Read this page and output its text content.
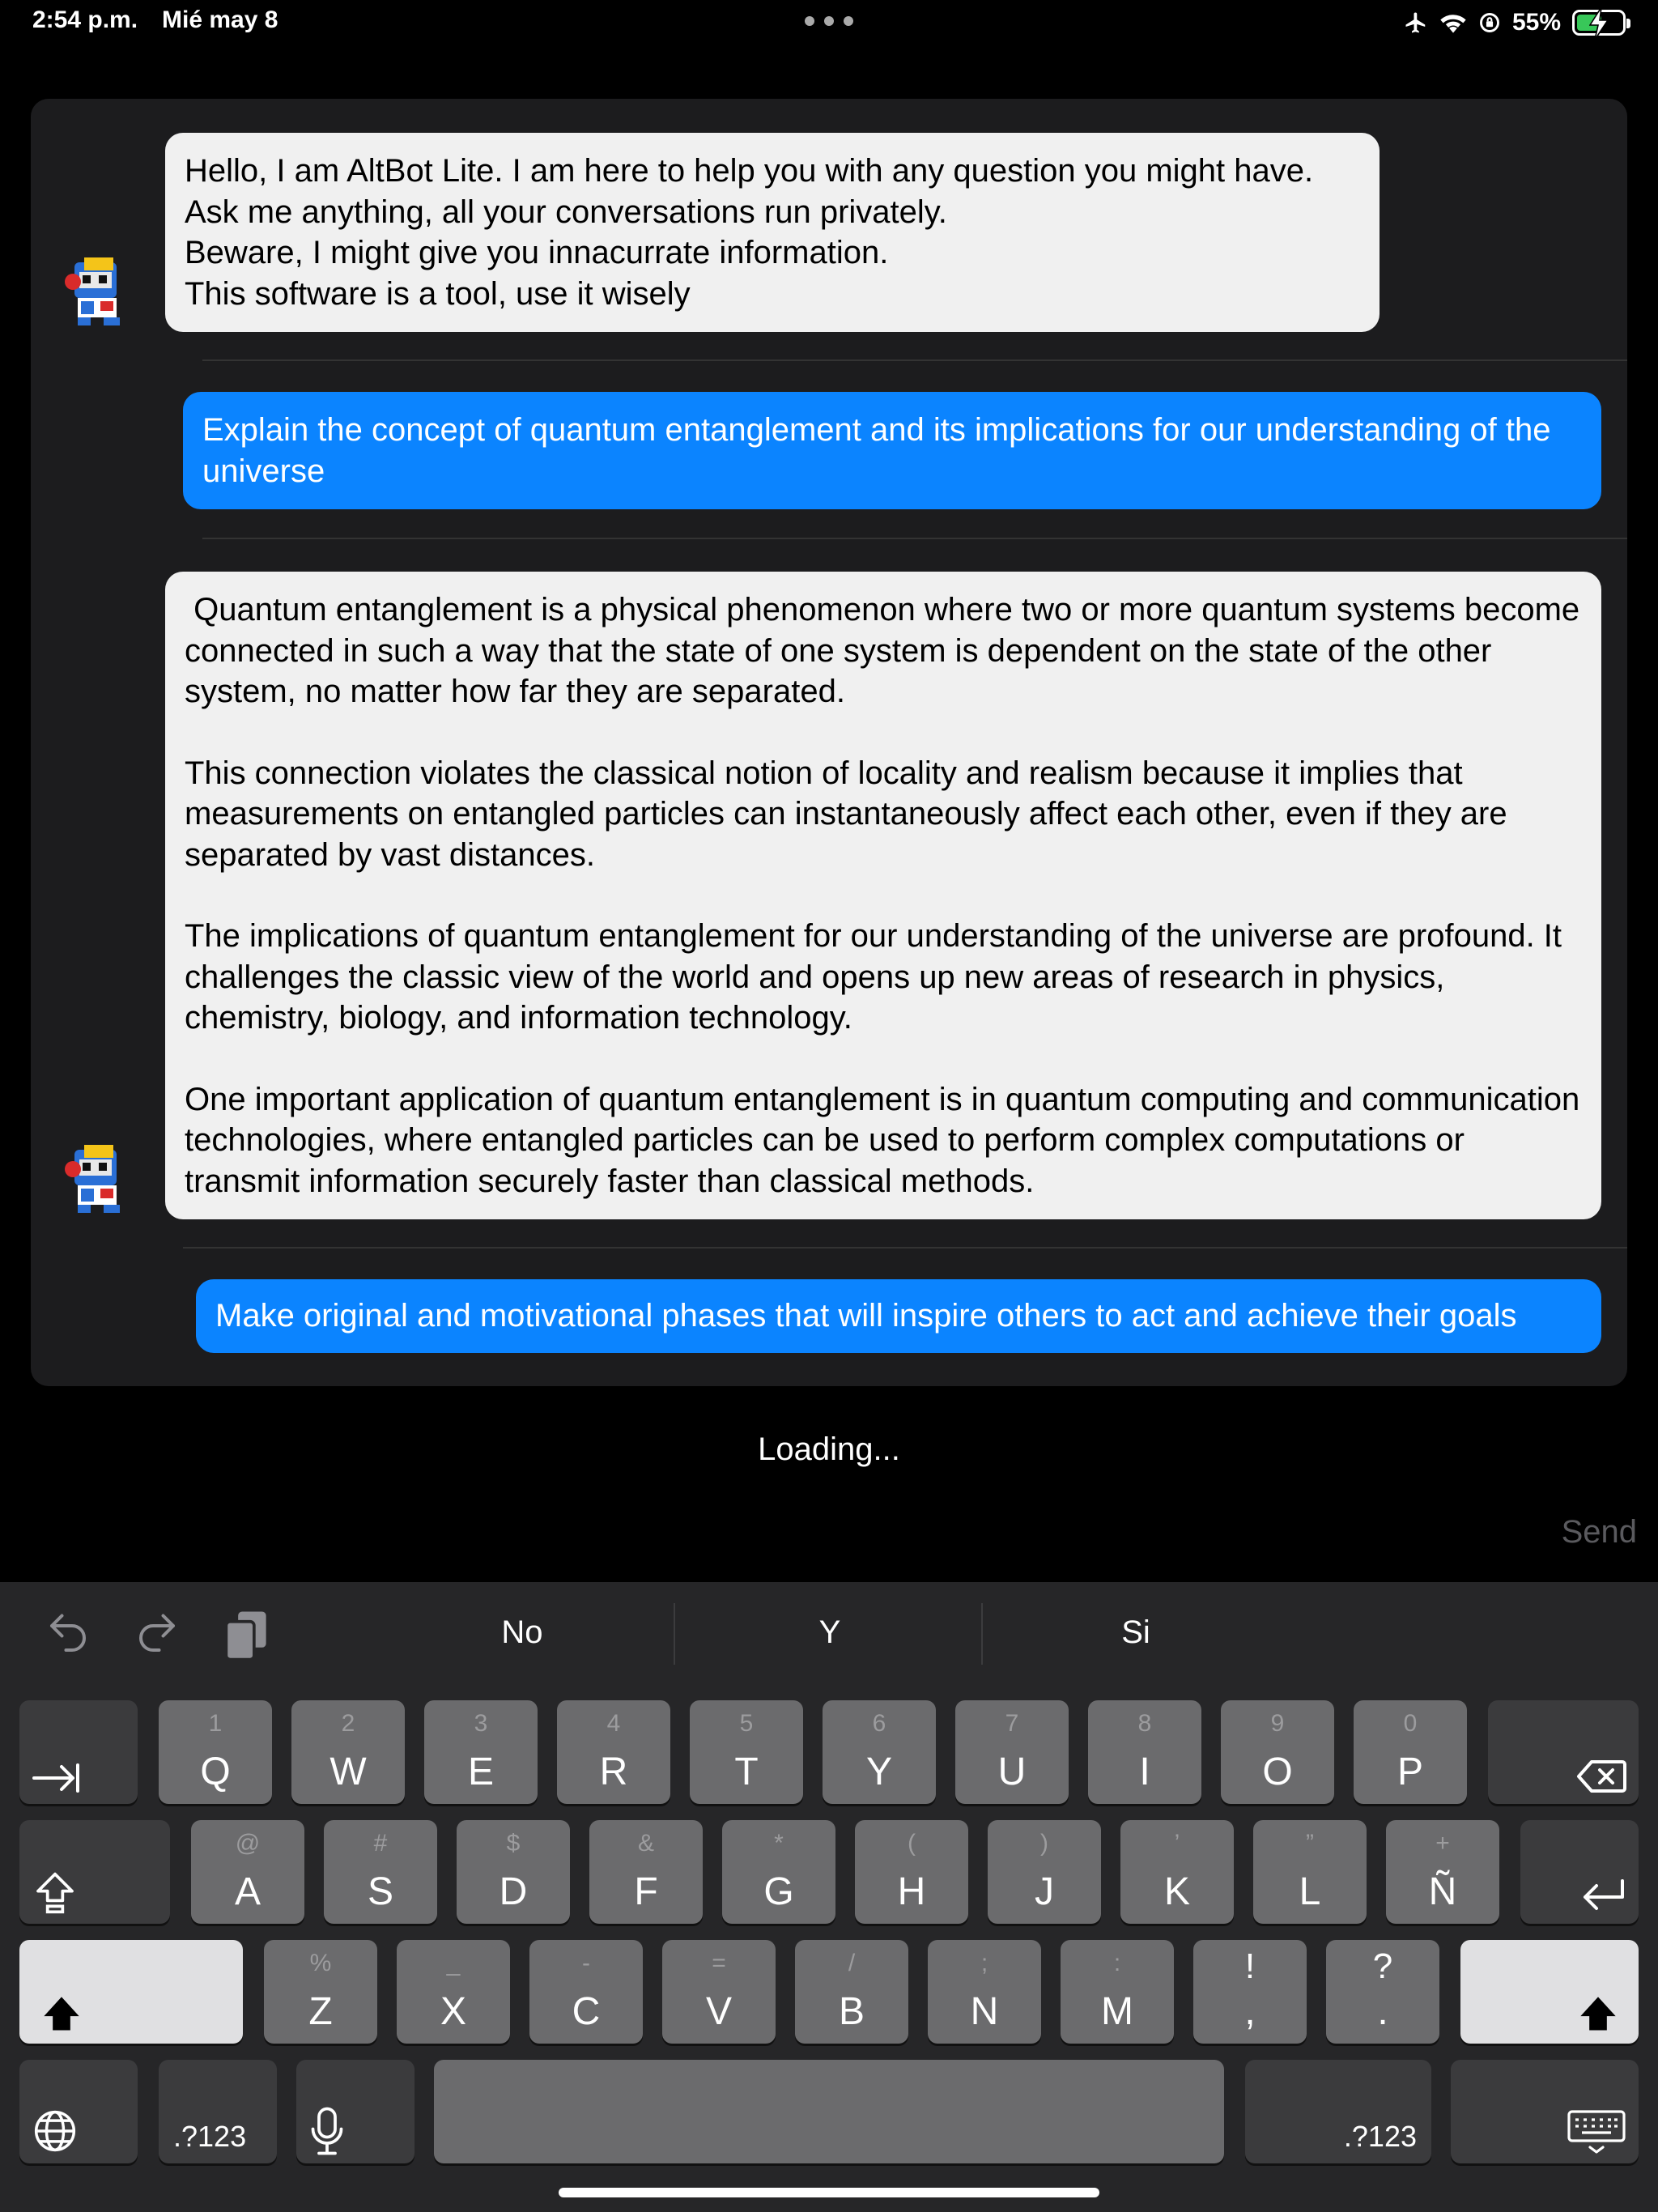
2:54 p.m. Mié may 8	55%
Hello, I am AltBot Lite. I am here to help you with any question you might have.
Ask me anything, all your conversations run privately.
Beware, I might give you innacurrate information.
This software is a tool, use it wisely
Explain the concept of quantum entanglement and its implications for our understanding of the universe
Quantum entanglement is a physical phenomenon where two or more quantum systems become connected in such a way that the state of one system is dependent on the state of the other system, no matter how far they are separated.
This connection violates the classical notion of locality and realism because it implies that measurements on entangled particles can instantaneously affect each other, even if they are separated by vast distances.
The implications of quantum entanglement for our understanding of the universe are profound. It challenges the classic view of the world and opens up new areas of research in physics, chemistry, biology, and information technology.
One important application of quantum entanglement is in quantum computing and communication technologies, where entangled particles can be used to perform complex computations or transmit information securely faster than classical methods.
Make original and motivational phases that will inspire others to act and achieve their goals
Loading...
Send
No	Y	Si
1
Q
2
W
3
E
4
R
5
T
6
Y
7
U
8
I
9
O
0
P
@
A
#
S
$
D
&
F
*
G
(
H
)
J
’
K
”
L
+
Ñ
%
Z
_
X
-
C
=
V
/
B
;
N
:
M
!
,
?
.
.?123	.?123
